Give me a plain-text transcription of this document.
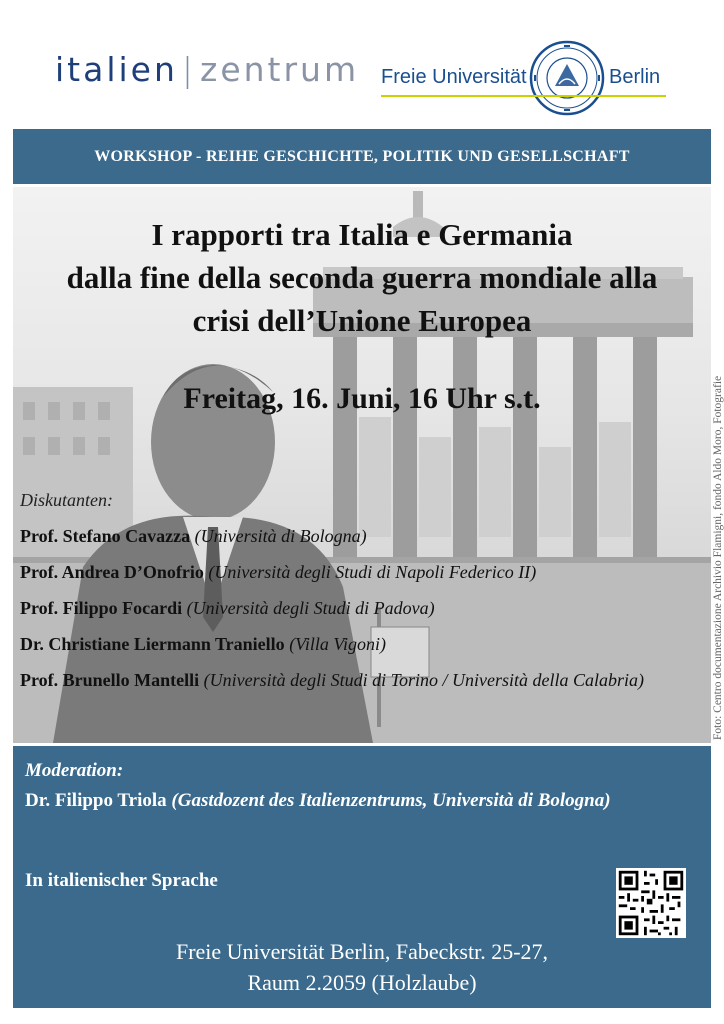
italien | zentrum Freie Universität	Berlin
WORKSHOP - REIHE GESCHICHTE, POLITIK UND GESELLSCHAFT
I rapporti tra Italia e Germania
dalla fine della seconda guerra mondiale alla
crisi dell’Unione Europea
Freitag, 16. Juni, 16 Uhr s.t.
Diskutanten:
Prof. Stefano Cavazza (Università di Bologna)
Prof. Andrea D’Onofrio (Università degli Studi di Napoli Federico II)
Prof. Filippo Focardi (Università degli Studi di Padova)
Dr. Christiane Liermann Traniello (Villa Vigoni)
Prof. Brunello Mantelli (Università degli Studi di Torino / Università della Calabria)	Foto: Centro documentazione Archivio Flamigni, fondo Aldo Moro, Fotografie
Moderation:
Dr. Filippo Triola (Gastdozent des Italienzentrums, Università di Bologna)
In italienischer Sprache
Freie Universität Berlin, Fabeckstr. 25-27,
Raum 2.2059 (Holzlaube)
